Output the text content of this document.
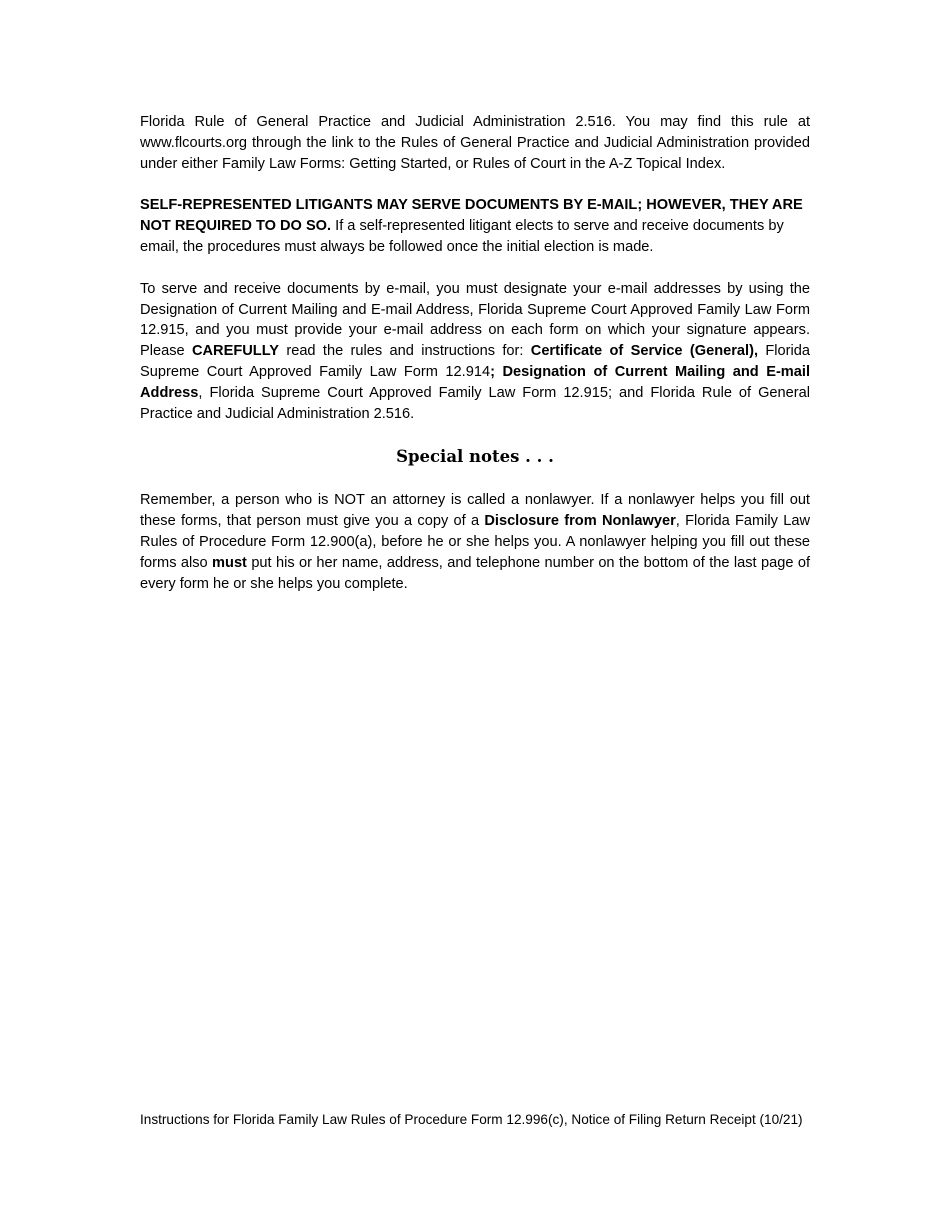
Florida Rule of General Practice and Judicial Administration 2.516. You may find this rule at www.flcourts.org through the link to the Rules of General Practice and Judicial Administration provided under either Family Law Forms: Getting Started, or Rules of Court in the A-Z Topical Index.

SELF-REPRESENTED LITIGANTS MAY SERVE DOCUMENTS BY E-MAIL; HOWEVER, THEY ARE NOT REQUIRED TO DO SO. If a self-represented litigant elects to serve and receive documents by email, the procedures must always be followed once the initial election is made.

To serve and receive documents by e-mail, you must designate your e-mail addresses by using the Designation of Current Mailing and E-mail Address, Florida Supreme Court Approved Family Law Form 12.915, and you must provide your e-mail address on each form on which your signature appears. Please CAREFULLY read the rules and instructions for: Certificate of Service (General), Florida Supreme Court Approved Family Law Form 12.914; Designation of Current Mailing and E-mail Address, Florida Supreme Court Approved Family Law Form 12.915; and Florida Rule of General Practice and Judicial Administration 2.516.

Special notes . . .

Remember, a person who is NOT an attorney is called a nonlawyer. If a nonlawyer helps you fill out these forms, that person must give you a copy of a Disclosure from Nonlawyer, Florida Family Law Rules of Procedure Form 12.900(a), before he or she helps you. A nonlawyer helping you fill out these forms also must put his or her name, address, and telephone number on the bottom of the last page of every form he or she helps you complete.

Instructions for Florida Family Law Rules of Procedure Form 12.996(c), Notice of Filing Return Receipt (10/21)
